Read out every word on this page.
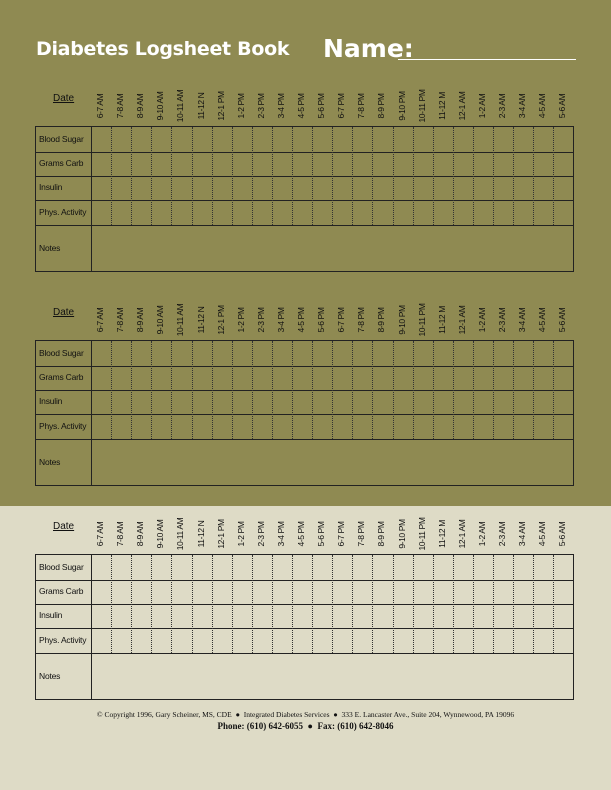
Diabetes Logsheet Book Name:
Date 6-7 AM 7-8 AM 8-9 AM 9-10 AM 10-11 AM 11-12 N 12-1 PM 1-2 PM 2-3 PM 3-4 PM 4-5 PM 5-6 PM 6-7 PM 7-8 PM 8-9 PM 9-10 PM 10-11 PM 11-12 M 12-1 AM 1-2 AM 2-3 AM 3-4 AM 4-5 AM 5-6 AM
Blood Sugar
Grams Carb
Insulin
Phys. Activity
Notes
Date 6-7 AM 7-8 AM 8-9 AM 9-10 AM 10-11 AM 11-12 N 12-1 PM 1-2 PM 2-3 PM 3-4 PM 4-5 PM 5-6 PM 6-7 PM 7-8 PM 8-9 PM 9-10 PM 10-11 PM 11-12 M 12-1 AM 1-2 AM 2-3 AM 3-4 AM 4-5 AM 5-6 AM
Blood Sugar
Grams Carb
Insulin
Phys. Activity
Notes
Date 6-7 AM 7-8 AM 8-9 AM 9-10 AM 10-11 AM 11-12 N 12-1 PM 1-2 PM 2-3 PM 3-4 PM 4-5 PM 5-6 PM 6-7 PM 7-8 PM 8-9 PM 9-10 PM 10-11 PM 11-12 M 12-1 AM 1-2 AM 2-3 AM 3-4 AM 4-5 AM 5-6 AM
Blood Sugar
Grams Carb
Insulin
Phys. Activity
Notes
© Copyright 1996, Gary Scheiner, MS, CDE  ●  Integrated Diabetes Services  ●  333 E. Lancaster Ave., Suite 204, Wynnewood, PA 19096
Phone: (610) 642-6055  ●  Fax: (610) 642-8046
